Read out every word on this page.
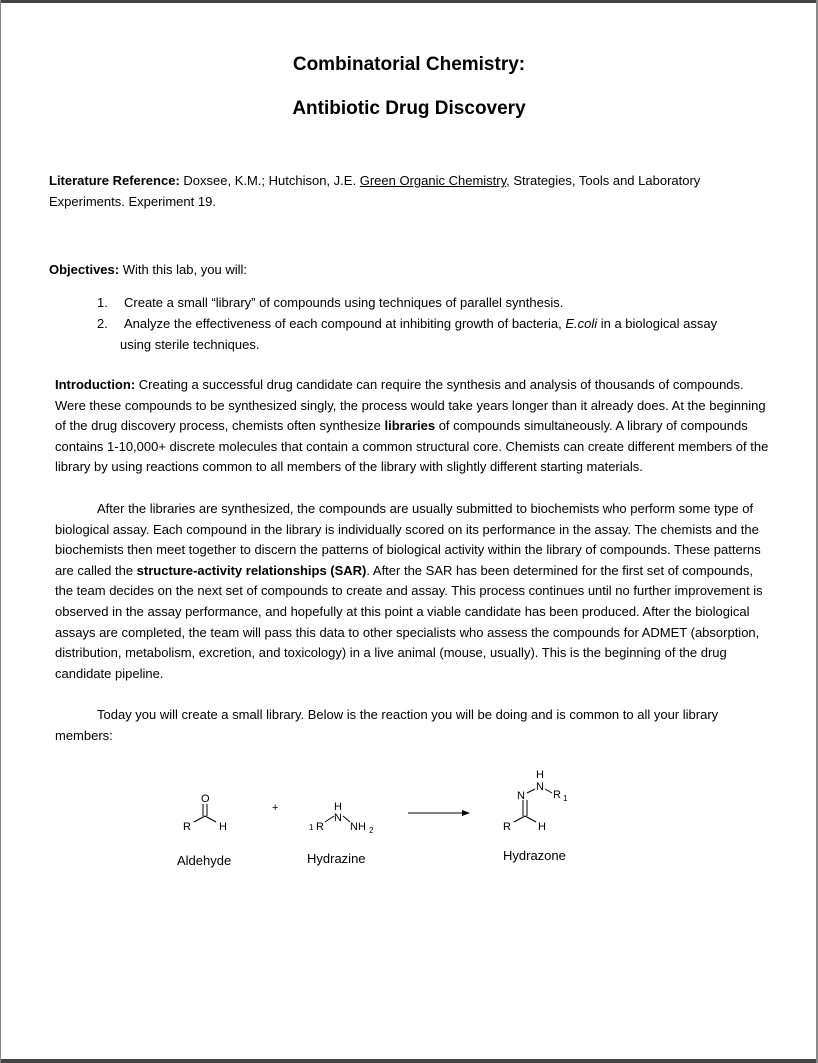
Combinatorial Chemistry:
Antibiotic Drug Discovery
Literature Reference: Doxsee, K.M.; Hutchison, J.E. Green Organic Chemistry, Strategies, Tools and Laboratory Experiments. Experiment 19.
Objectives: With this lab, you will:
1. Create a small “library” of compounds using techniques of parallel synthesis.
2. Analyze the effectiveness of each compound at inhibiting growth of bacteria, E.coli in a biological assay
using sterile techniques.
Introduction: Creating a successful drug candidate can require the synthesis and analysis of thousands of compounds. Were these compounds to be synthesized singly, the process would take years longer than it already does. At the beginning of the drug discovery process, chemists often synthesize libraries of compounds simultaneously. A library of compounds contains 1-10,000+ discrete molecules that contain a common structural core. Chemists can create different members of the library by using reactions common to all members of the library with slightly different starting materials.
After the libraries are synthesized, the compounds are usually submitted to biochemists who perform some type of biological assay. Each compound in the library is individually scored on its performance in the assay. The chemists and the biochemists then meet together to discern the patterns of biological activity within the library of compounds. These patterns are called the structure-activity relationships (SAR). After the SAR has been determined for the first set of compounds, the team decides on the next set of compounds to create and assay. This process continues until no further improvement is observed in the assay performance, and hopefully at this point a viable candidate has been produced. After the biological assays are completed, the team will pass this data to other specialists who assess the compounds for ADMET (absorption, distribution, metabolism, excretion, and toxicology) in a live animal (mouse, usually). This is the beginning of the drug candidate pipeline.
Today you will create a small library. Below is the reaction you will be doing and is common to all your library members:
O
R	H
Aldehyde
+
1 R
H
N
NH 2
Hydrazine
H
N
N	R 1
R H
Hydrazone
